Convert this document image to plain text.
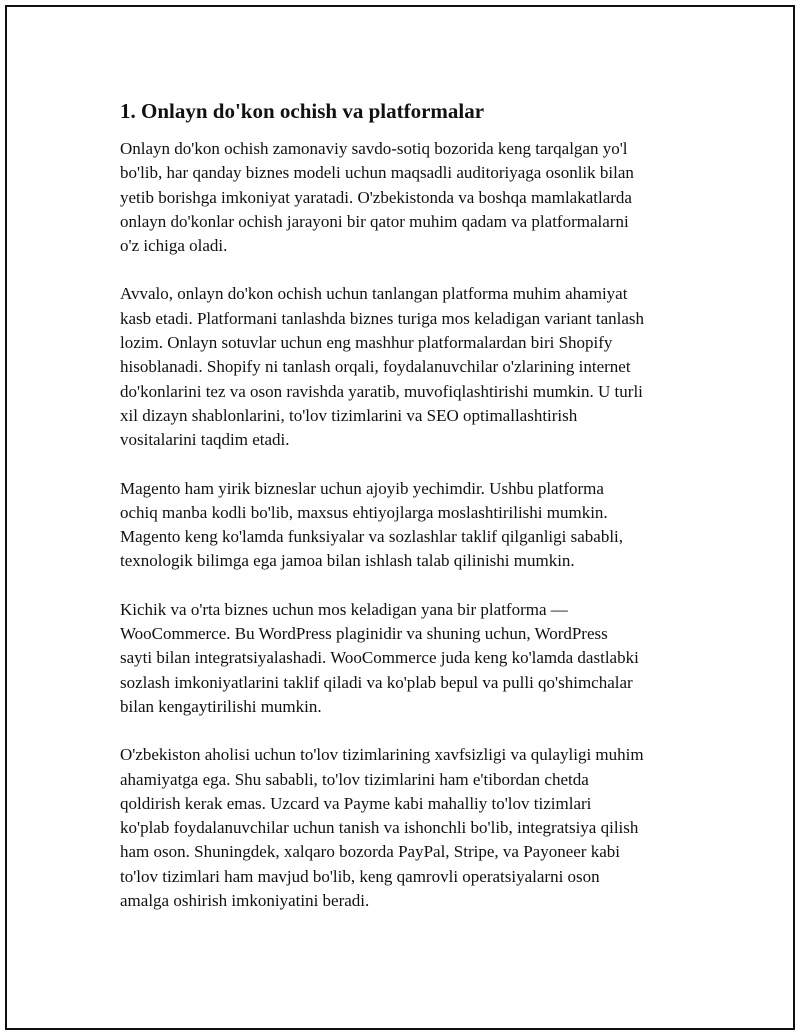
1. Onlayn do'kon ochish va platformalar

Onlayn do'kon ochish zamonaviy savdo-sotiq bozorida keng tarqalgan yo'l
bo'lib, har qanday biznes modeli uchun maqsadli auditoriyaga osonlik bilan
yetib borishga imkoniyat yaratadi. O'zbekistonda va boshqa mamlakatlarda
onlayn do'konlar ochish jarayoni bir qator muhim qadam va platformalarni
o'z ichiga oladi.

Avvalo, onlayn do'kon ochish uchun tanlangan platforma muhim ahamiyat
kasb etadi. Platformani tanlashda biznes turiga mos keladigan variant tanlash
lozim. Onlayn sotuvlar uchun eng mashhur platformalardan biri Shopify
hisoblanadi. Shopify ni tanlash orqali, foydalanuvchilar o'zlarining internet
do'konlarini tez va oson ravishda yaratib, muvofiqlashtirishi mumkin. U turli
xil dizayn shablonlarini, to'lov tizimlarini va SEO optimallashtirish
vositalarini taqdim etadi.

Magento ham yirik bizneslar uchun ajoyib yechimdir. Ushbu platforma
ochiq manba kodli bo'lib, maxsus ehtiyojlarga moslashtirilishi mumkin.
Magento keng ko'lamda funksiyalar va sozlashlar taklif qilganligi sababli,
texnologik bilimga ega jamoa bilan ishlash talab qilinishi mumkin.

Kichik va o'rta biznes uchun mos keladigan yana bir platforma —
WooCommerce. Bu WordPress plaginidir va shuning uchun, WordPress
sayti bilan integratsiyalashadi. WooCommerce juda keng ko'lamda dastlabki
sozlash imkoniyatlarini taklif qiladi va ko'plab bepul va pulli qo'shimchalar
bilan kengaytirilishi mumkin.

O'zbekiston aholisi uchun to'lov tizimlarining xavfsizligi va qulayligi muhim
ahamiyatga ega. Shu sababli, to'lov tizimlarini ham e'tibordan chetda
qoldirish kerak emas. Uzcard va Payme kabi mahalliy to'lov tizimlari
ko'plab foydalanuvchilar uchun tanish va ishonchli bo'lib, integratsiya qilish
ham oson. Shuningdek, xalqaro bozorda PayPal, Stripe, va Payoneer kabi
to'lov tizimlari ham mavjud bo'lib, keng qamrovli operatsiyalarni oson
amalga oshirish imkoniyatini beradi.
